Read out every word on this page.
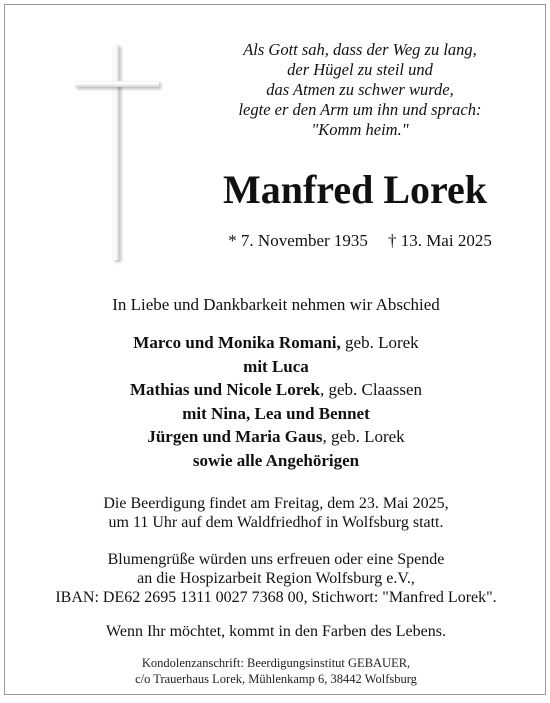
Als Gott sah, dass der Weg zu lang,
der Hügel zu steil und
das Atmen zu schwer wurde,
legte er den Arm um ihn und sprach:
"Komm heim."
Manfred Lorek
* 7. November 1935 † 13. Mai 2025
In Liebe und Dankbarkeit nehmen wir Abschied
Marco und Monika Romani, geb. Lorek
mit Luca
Mathias und Nicole Lorek, geb. Claassen
mit Nina, Lea und Bennet
Jürgen und Maria Gaus, geb. Lorek
sowie alle Angehörigen
Die Beerdigung findet am Freitag, dem 23. Mai 2025,
um 11 Uhr auf dem Waldfriedhof in Wolfsburg statt.
Blumengrüße würden uns erfreuen oder eine Spende
an die Hospizarbeit Region Wolfsburg e.V.,
IBAN: DE62 2695 1311 0027 7368 00, Stichwort: "Manfred Lorek".
Wenn Ihr möchtet, kommt in den Farben des Lebens.
Kondolenzanschrift: Beerdigungsinstitut GEBAUER,
c/o Trauerhaus Lorek, Mühlenkamp 6, 38442 Wolfsburg
